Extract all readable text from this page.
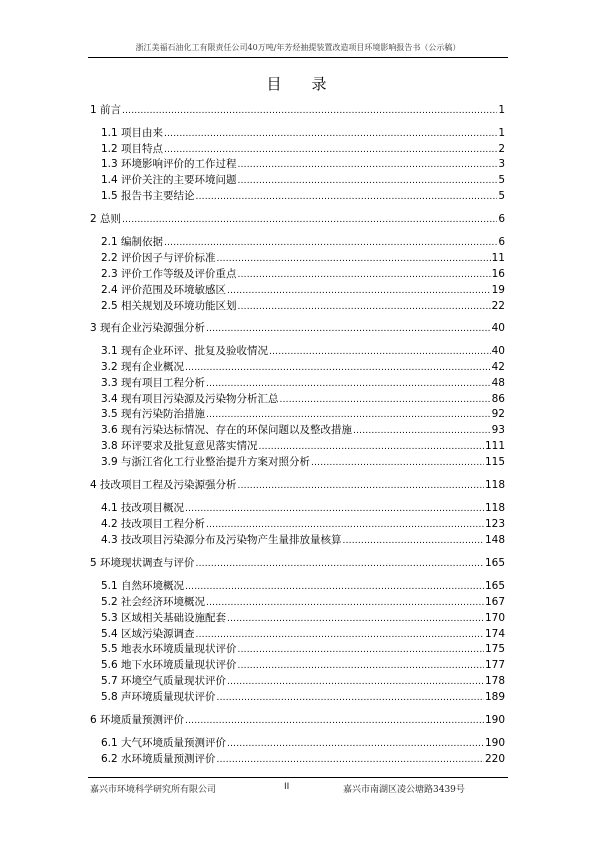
浙江美福石油化工有限责任公司40万吨/年芳烃抽提装置改造项目环境影响报告书（公示稿）
目 录
1 前言 .....	1
1.1 项目由来 .....	1
1.2 项目特点 .....	2
1.3 环境影响评价的工作过程 .....	3
1.4 评价关注的主要环境问题 .....	5
1.5 报告书主要结论 .....	5
2 总则 .....	6
2.1 编制依据 .....	6
2.2 评价因子与评价标准 .....	11
2.3 评价工作等级及评价重点 .....	16
2.4 评价范围及环境敏感区 .....	19
2.5 相关规划及环境功能区划 .....	22
3 现有企业污染源强分析 .....	40
3.1 现有企业环评、批复及验收情况 .....	40
3.2 现有企业概况 .....	42
3.3 现有项目工程分析 .....	48
3.4 现有项目污染源及污染物分析汇总 .....	86
3.5 现有污染防治措施 .....	92
3.6 现有污染达标情况、存在的环保问题以及整改措施 .....	93
3.8 环评要求及批复意见落实情况 .....	111
3.9 与浙江省化工行业整治提升方案对照分析 .....	115
4 技改项目工程及污染源强分析 .....	118
4.1 技改项目概况 .....	118
4.2 技改项目工程分析 .....	123
4.3 技改项目污染源分布及污染物产生量排放量核算 .....	148
5 环境现状调查与评价 .....	165
5.1 自然环境概况 .....	165
5.2 社会经济环境概况 .....	167
5.3 区域相关基础设施配套 .....	170
5.4 区域污染源调查 .....	174
5.5 地表水环境质量现状评价 .....	175
5.6 地下水环境质量现状评价 .....	177
5.7 环境空气质量现状评价 .....	178
5.8 声环境质量现状评价 .....	189
6 环境质量预测评价 .....	190
6.1 大气环境质量预测评价 .....	190
6.2 水环境质量预测评价 .....	220
嘉兴市环境科学研究所有限公司	II	嘉兴市南湖区凌公塘路3439号
